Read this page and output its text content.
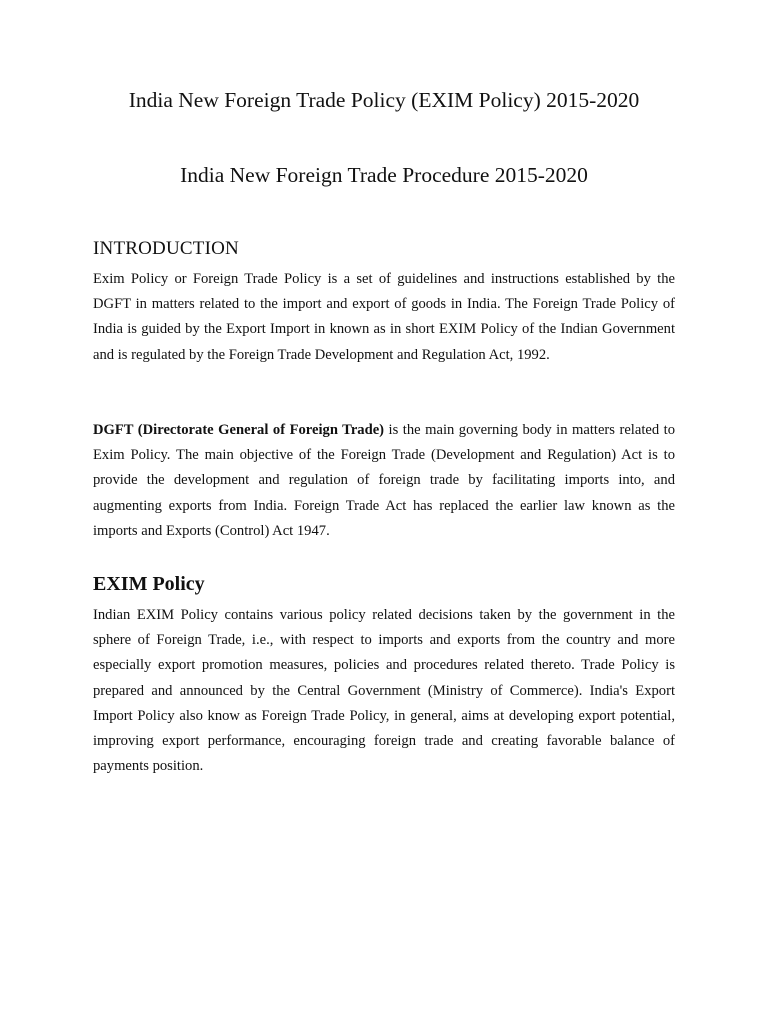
India New Foreign Trade Policy (EXIM Policy) 2015-2020
India New Foreign Trade Procedure 2015-2020
INTRODUCTION

Exim Policy or Foreign Trade Policy is a set of guidelines and instructions established by the DGFT in matters related to the import and export of goods in India. The Foreign Trade Policy of India is guided by the Export Import in known as in short EXIM Policy of the Indian Government and is regulated by the Foreign Trade Development and Regulation Act, 1992.

DGFT (Directorate General of Foreign Trade) is the main governing body in matters related to Exim Policy. The main objective of the Foreign Trade (Development and Regulation) Act is to provide the development and regulation of foreign trade by facilitating imports into, and augmenting exports from India. Foreign Trade Act has replaced the earlier law known as the imports and Exports (Control) Act 1947.

EXIM Policy

Indian EXIM Policy contains various policy related decisions taken by the government in the sphere of Foreign Trade, i.e., with respect to imports and exports from the country and more especially export promotion measures, policies and procedures related thereto. Trade Policy is prepared and announced by the Central Government (Ministry of Commerce). India's Export Import Policy also know as Foreign Trade Policy, in general, aims at developing export potential, improving export performance, encouraging foreign trade and creating favorable balance of payments position.
